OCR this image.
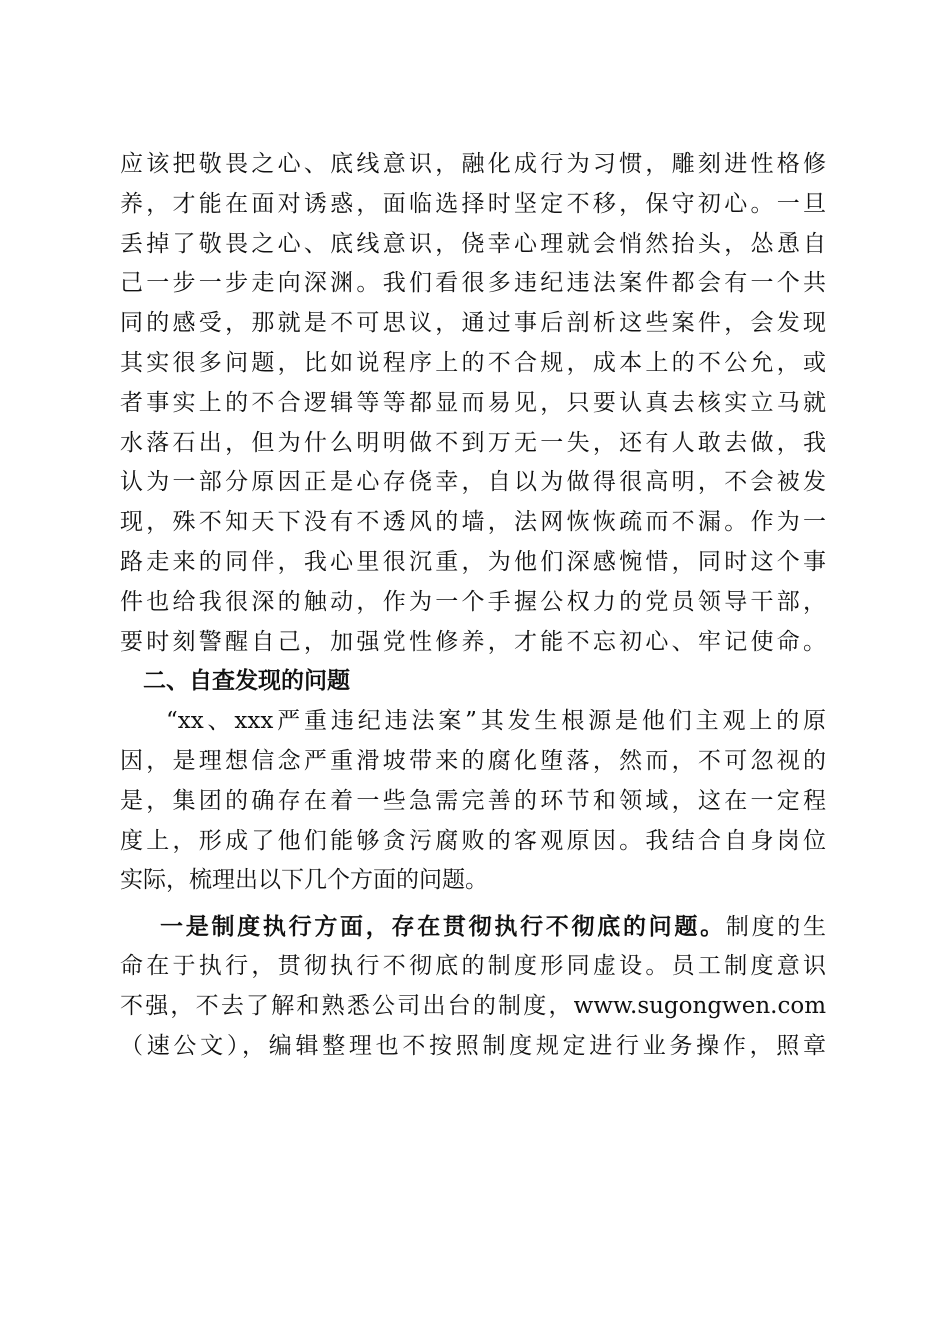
应该把敬畏之心、底线意识，融化成行为习惯，雕刻进性格修
养，才能在面对诱惑，面临选择时坚定不移，保守初心。一旦
丢掉了敬畏之心、底线意识，侥幸心理就会悄然抬头，怂恿自
己一步一步走向深渊。我们看很多违纪违法案件都会有一个共
同的感受，那就是不可思议，通过事后剖析这些案件，会发现
其实很多问题，比如说程序上的不合规，成本上的不公允，或
者事实上的不合逻辑等等都显而易见，只要认真去核实立马就
水落石出，但为什么明明做不到万无一失，还有人敢去做，我
认为一部分原因正是心存侥幸，自以为做得很高明，不会被发
现，殊不知天下没有不透风的墙，法网恢恢疏而不漏。作为一
路走来的同伴，我心里很沉重，为他们深感惋惜，同时这个事
件也给我很深的触动，作为一个手握公权力的党员领导干部，
要时刻警醒自己，加强党性修养，才能不忘初心、牢记使命。
二、自查发现的问题
“xx、xxx严重违纪违法案”其发生根源是他们主观上的原
因，是理想信念严重滑坡带来的腐化堕落，然而，不可忽视的
是，集团的确存在着一些急需完善的环节和领域，这在一定程
度上，形成了他们能够贪污腐败的客观原因。我结合自身岗位
实际，梳理出以下几个方面的问题。
一是制度执行方面，存在贯彻执行不彻底的问题。制度的生
命在于执行，贯彻执行不彻底的制度形同虚设。员工制度意识
不强，不去了解和熟悉公司出台的制度，www.sugongwen.com
（速公文），编辑整理也不按照制度规定进行业务操作，照章
